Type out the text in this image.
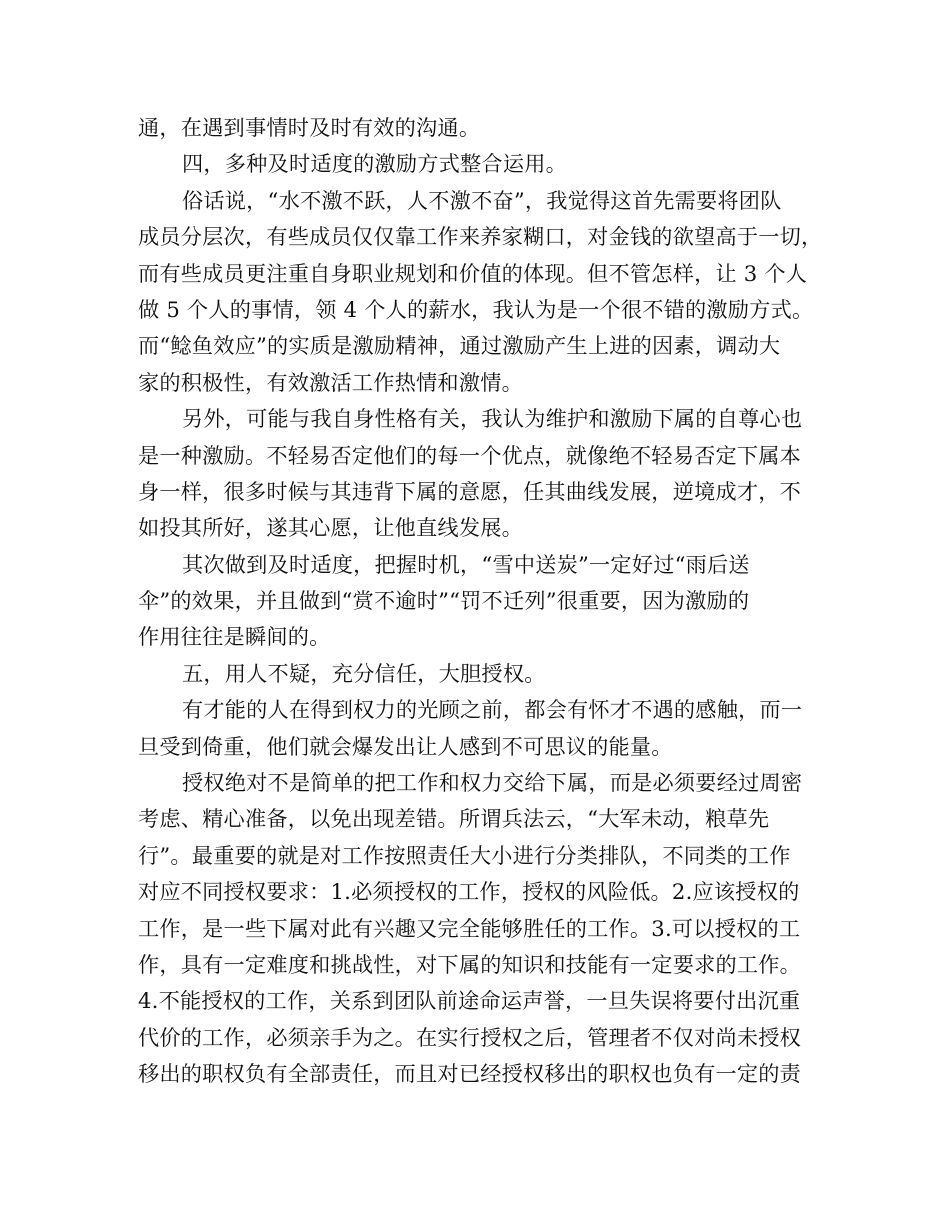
通，在遇到事情时及时有效的沟通。
四，多种及时适度的激励方式整合运用。
俗话说，“水不激不跃，人不激不奋”，我觉得这首先需要将团队
成员分层次，有些成员仅仅靠工作来养家糊口，对金钱的欲望高于一切，
而有些成员更注重自身职业规划和价值的体现。但不管怎样，让 3 个人
做 5 个人的事情，领 4 个人的薪水，我认为是一个很不错的激励方式。
而“鲶鱼效应”的实质是激励精神，通过激励产生上进的因素，调动大
家的积极性，有效激活工作热情和激情。
另外，可能与我自身性格有关，我认为维护和激励下属的自尊心也
是一种激励。不轻易否定他们的每一个优点，就像绝不轻易否定下属本
身一样，很多时候与其违背下属的意愿，任其曲线发展，逆境成才，不
如投其所好，遂其心愿，让他直线发展。
其次做到及时适度，把握时机，“雪中送炭”一定好过“雨后送
伞”的效果，并且做到“赏不逾时”“罚不迁列”很重要，因为激励的
作用往往是瞬间的。
五，用人不疑，充分信任，大胆授权。
有才能的人在得到权力的光顾之前，都会有怀才不遇的感触，而一
旦受到倚重，他们就会爆发出让人感到不可思议的能量。
授权绝对不是简单的把工作和权力交给下属，而是必须要经过周密
考虑、精心准备，以免出现差错。所谓兵法云，“大军未动，粮草先
行”。最重要的就是对工作按照责任大小进行分类排队，不同类的工作
对应不同授权要求：1.必须授权的工作，授权的风险低。2.应该授权的
工作，是一些下属对此有兴趣又完全能够胜任的工作。3.可以授权的工
作，具有一定难度和挑战性，对下属的知识和技能有一定要求的工作。
4.不能授权的工作，关系到团队前途命运声誉，一旦失误将要付出沉重
代价的工作，必须亲手为之。在实行授权之后，管理者不仅对尚未授权
移出的职权负有全部责任，而且对已经授权移出的职权也负有一定的责
